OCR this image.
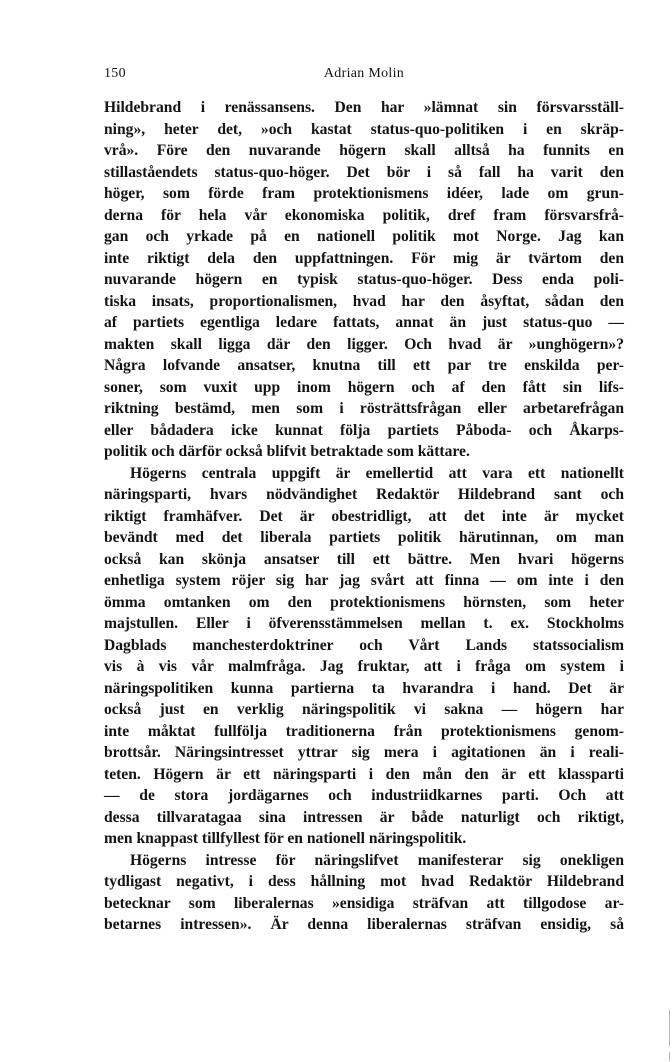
150	Adrian Molin
Hildebrand i renässansens. Den har »lämnat sin försvarsställ-
ning», heter det, »och kastat status-quo-politiken i en skräp-
vrå». Före den nuvarande högern skall alltså ha funnits en
stillaståendets status-quo-höger. Det bör i så fall ha varit den
höger, som förde fram protektionismens idéer, lade om grun-
derna för hela vår ekonomiska politik, dref fram försvarsfrå-
gan och yrkade på en nationell politik mot Norge. Jag kan
inte riktigt dela den uppfattningen. För mig är tvärtom den
nuvarande högern en typisk status-quo-höger. Dess enda poli-
tiska insats, proportionalismen, hvad har den åsyftat, sådan den
af partiets egentliga ledare fattats, annat än just status-quo —
makten skall ligga där den ligger. Och hvad är »unghögern»?
Några lofvande ansatser, knutna till ett par tre enskilda per-
soner, som vuxit upp inom högern och af den fått sin lifs-
riktning bestämd, men som i rösträttsfrågan eller arbetarefrågan
eller bådadera icke kunnat följa partiets Påboda- och Åkarps-
politik och därför också blifvit betraktade som kättare.
Högerns centrala uppgift är emellertid att vara ett nationellt
näringsparti, hvars nödvändighet Redaktör Hildebrand sant och
riktigt framhäfver. Det är obestridligt, att det inte är mycket
bevändt med det liberala partiets politik härutinnan, om man
också kan skönja ansatser till ett bättre. Men hvari högerns
enhetliga system röjer sig har jag svårt att finna — om inte i den
ömma omtanken om den protektionismens hörnsten, som heter
majstullen. Eller i öfverensstämmelsen mellan t. ex. Stockholms
Dagblads manchesterdoktriner och Vårt Lands statssocialism
vis à vis vår malmfråga. Jag fruktar, att i fråga om system i
näringspolitiken kunna partierna ta hvarandra i hand. Det är
också just en verklig näringspolitik vi sakna — högern har
inte måktat fullfölja traditionerna från protektionismens genom-
brottsår. Näringsintresset yttrar sig mera i agitationen än i reali-
teten. Högern är ett näringsparti i den mån den är ett klassparti
— de stora jordägarnes och industriidkarnes parti. Och att
dessa tillvaratagaa sina intressen är både naturligt och riktigt,
men knappast tillfyllest för en nationell näringspolitik.
Högerns intresse för näringslifvet manifesterar sig onekligen
tydligast negativt, i dess hållning mot hvad Redaktör Hildebrand
betecknar som liberalernas »ensidiga sträfvan att tillgodose ar-
betarnes intressen». Är denna liberalernas sträfvan ensidig, så
